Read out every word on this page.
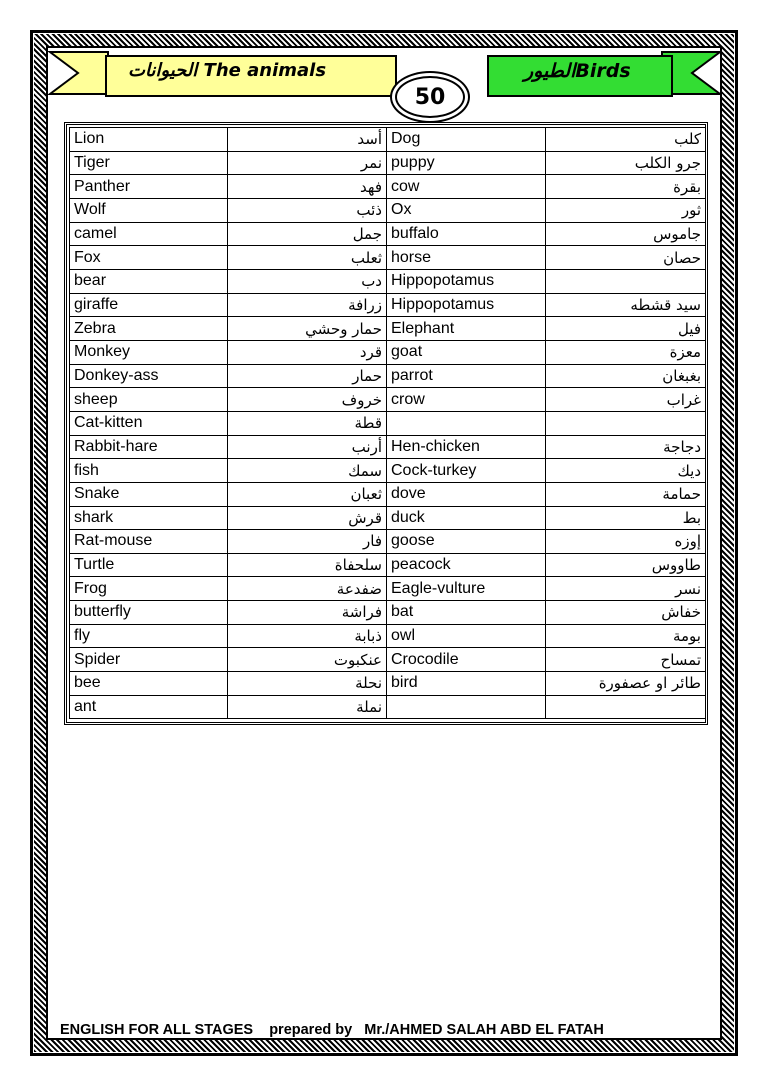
الحيوانات The animals	الطيورBirds
50
Lion	أسد	Dog	كلب
Tiger	نمر	puppy	جرو الكلب
Panther	فهد	cow	بقرة
Wolf	ذئب	Ox	ثور
camel	جمل	buffalo	جاموس
Fox	ثعلب	horse	حصان
bear	دب	Hippopotamus	
giraffe	زرافة	Hippopotamus	سيد قشطه
Zebra	حمار وحشي	Elephant	فيل
Monkey	قرد	goat	معزة
Donkey-ass	حمار	parrot	بغبغان
sheep	خروف	crow	غراب
Cat-kitten	قطة		
Rabbit-hare	أرنب	Hen-chicken	دجاجة
fish	سمك	Cock-turkey	ديك
Snake	ثعبان	dove	حمامة
shark	قرش	duck	بط
Rat-mouse	فار	goose	إوزه
Turtle	سلحفاة	peacock	طاووس
Frog	ضفدعة	Eagle-vulture	نسر
butterfly	فراشة	bat	خفاش
fly	ذبابة	owl	بومة
Spider	عنكبوت	Crocodile	تمساح
bee	نحلة	bird	طائر او عصفورة
ant	نملة		
ENGLISH FOR ALL STAGES    prepared by   Mr./AHMED SALAH ABD EL FATAH
